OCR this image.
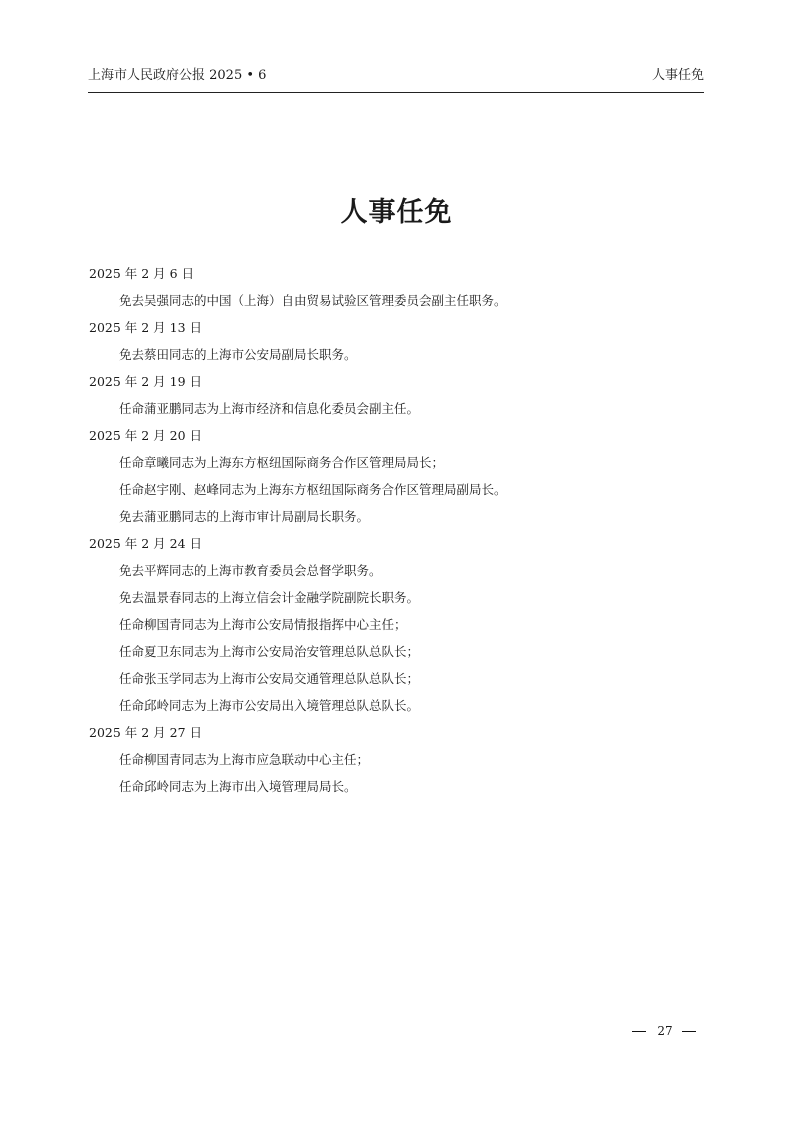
上海市人民政府公报 2025 • 6	人事任免
人事任免
2025 年 2 月 6 日
免去吴强同志的中国（上海）自由贸易试验区管理委员会副主任职务。
2025 年 2 月 13 日
免去蔡田同志的上海市公安局副局长职务。
2025 年 2 月 19 日
任命蒲亚鹏同志为上海市经济和信息化委员会副主任。
2025 年 2 月 20 日
任命章曦同志为上海东方枢纽国际商务合作区管理局局长；
任命赵宇刚、赵峰同志为上海东方枢纽国际商务合作区管理局副局长。
免去蒲亚鹏同志的上海市审计局副局长职务。
2025 年 2 月 24 日
免去平辉同志的上海市教育委员会总督学职务。
免去温景春同志的上海立信会计金融学院副院长职务。
任命柳国青同志为上海市公安局情报指挥中心主任；
任命夏卫东同志为上海市公安局治安管理总队总队长；
任命张玉学同志为上海市公安局交通管理总队总队长；
任命邱岭同志为上海市公安局出入境管理总队总队长。
2025 年 2 月 27 日
任命柳国青同志为上海市应急联动中心主任；
任命邱岭同志为上海市出入境管理局局长。
27
